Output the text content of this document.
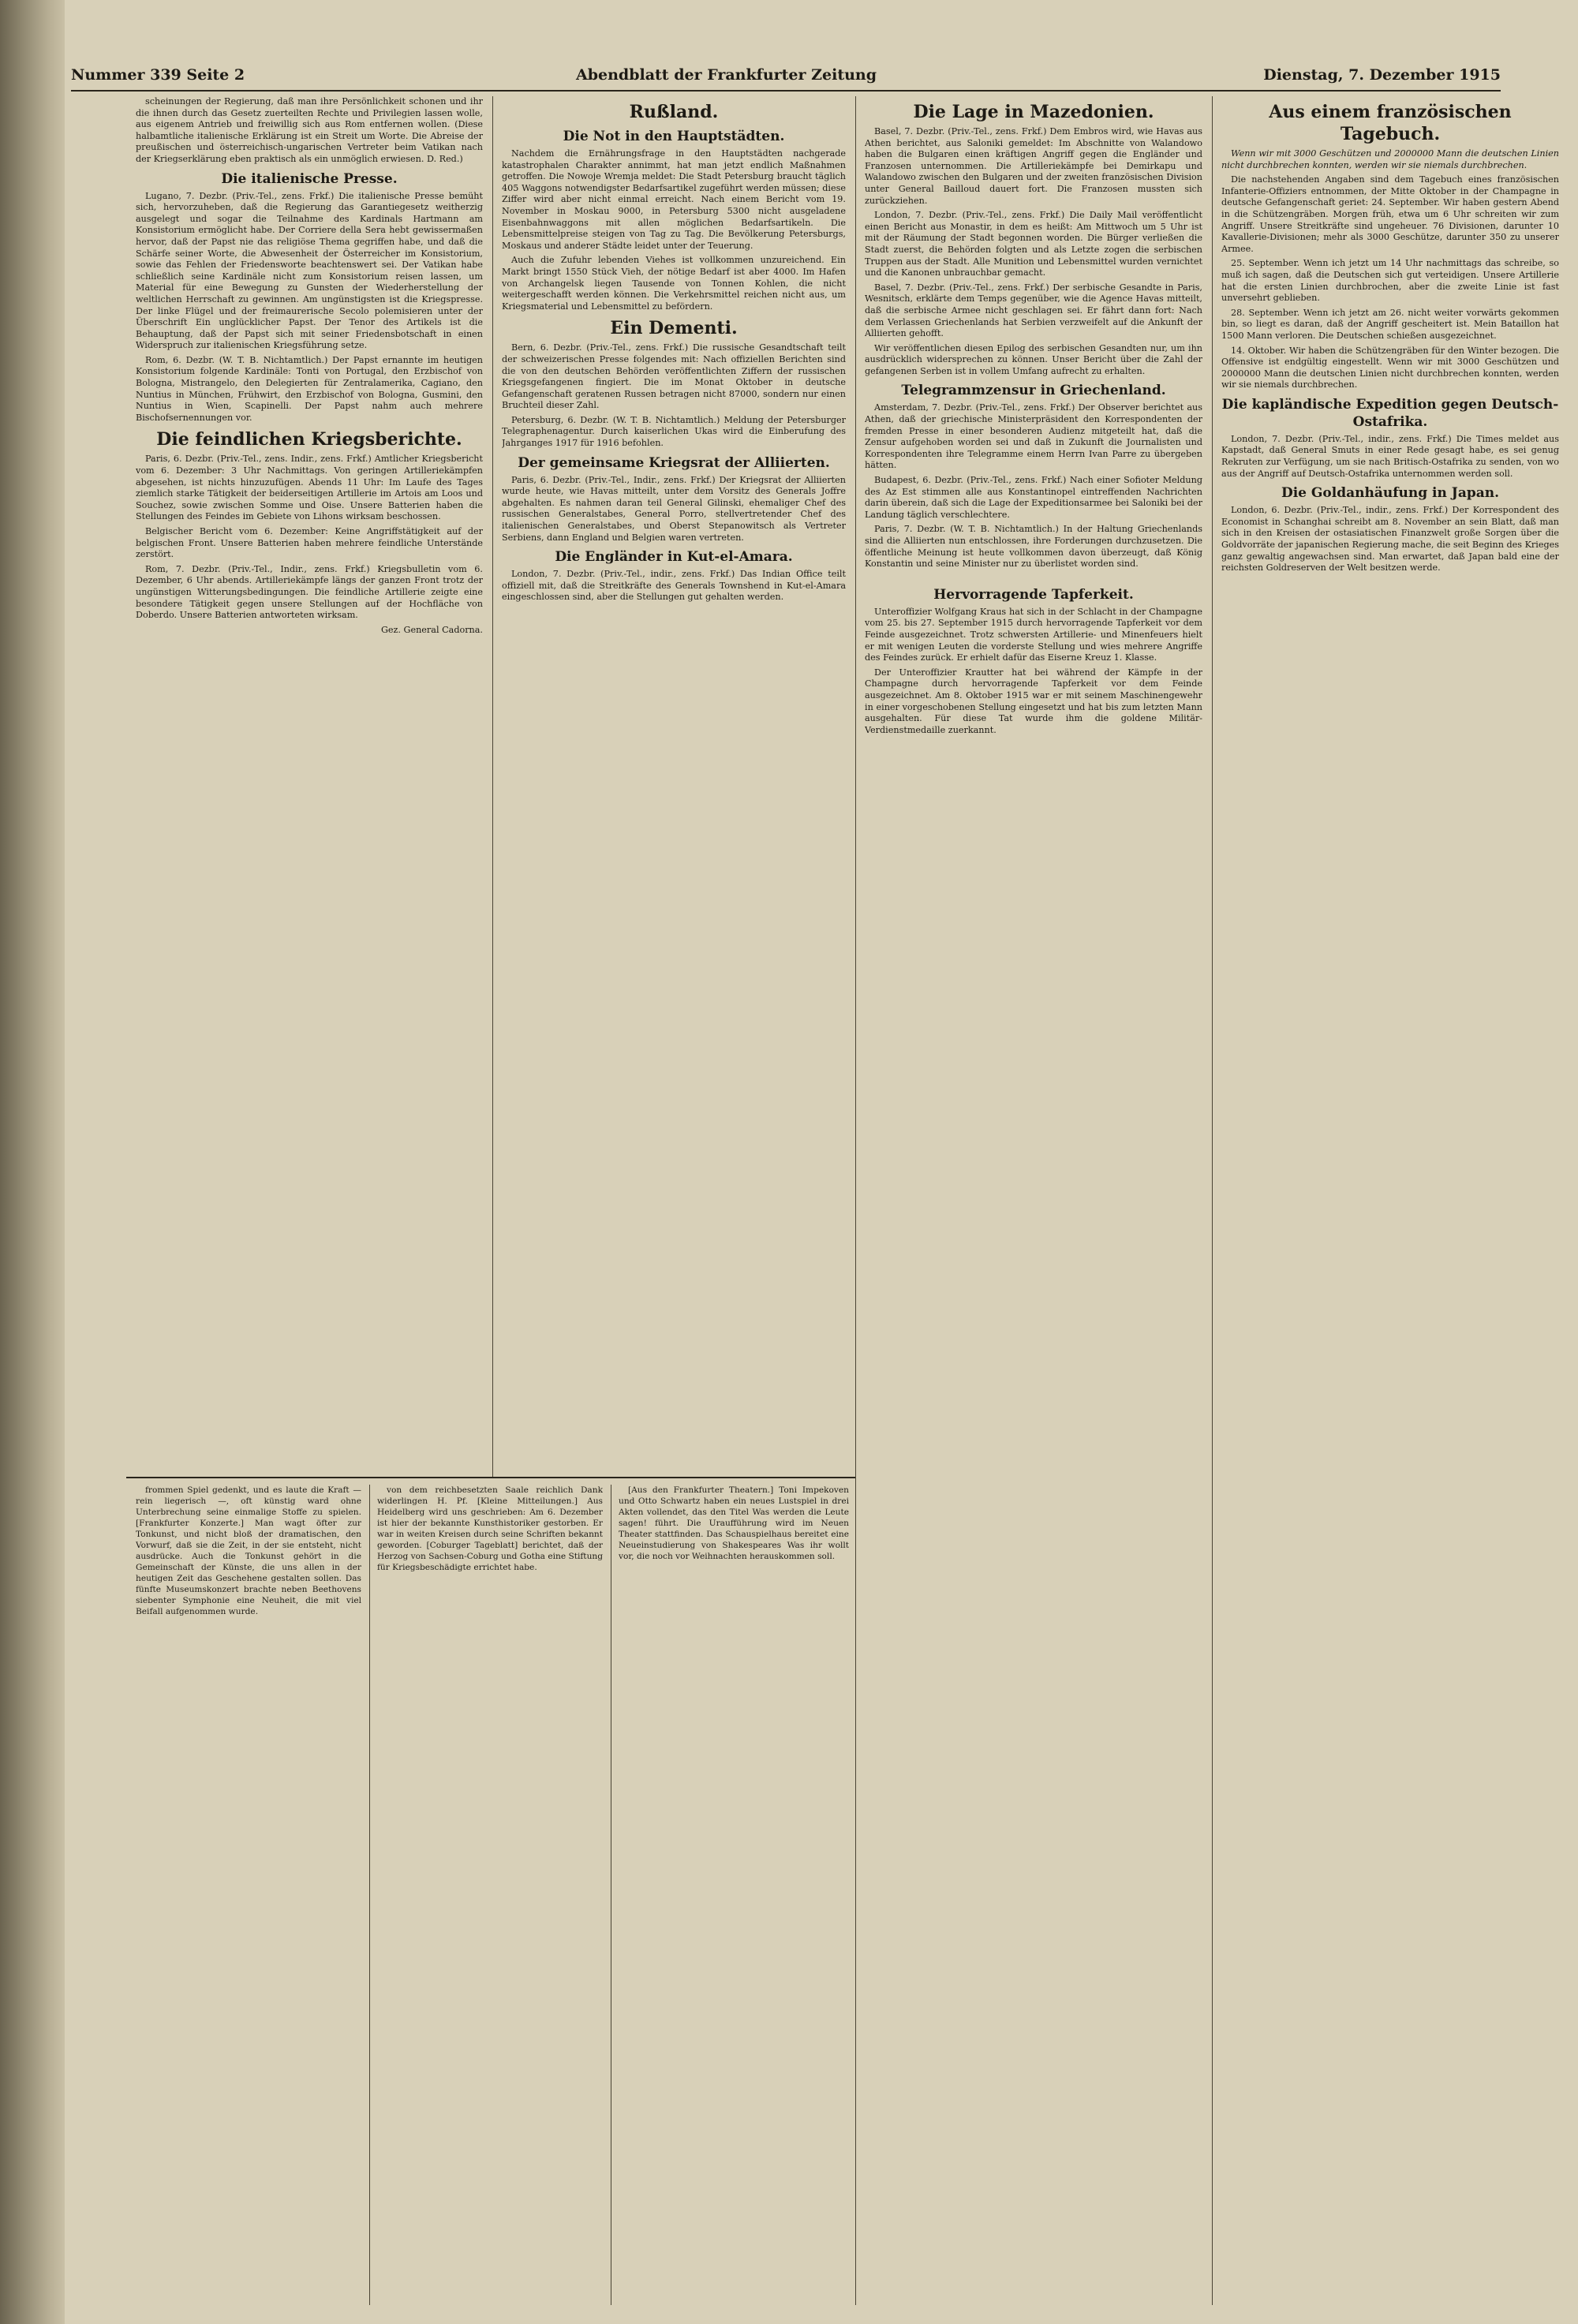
Nummer 339 Seite 2	Abendblatt der Frankfurter Zeitung	Dienstag, 7. Dezember 1915

scheinungen der Regierung, daß man ihre Persönlichkeit schonen und ihr die ihnen durch das Gesetz zuerteilten Rechte und Privilegien lassen wolle, aus eigenem Antrieb und freiwillig sich aus Rom entfernen wollen. (Diese halbamtliche italienische Erklärung ist ein Streit um Worte. Die Abreise der preußischen und österreichisch-ungarischen Vertreter beim Vatikan nach der Kriegserklärung eben praktisch als ein unmöglich erwiesen. D. Red.)

Die italienische Presse.

Lugano, 7. Dezbr. (Priv.-Tel., zens. Frkf.) Die italienische Presse bemüht sich, hervorzuheben, daß die Regierung das Garantiegesetz weitherzig ausgelegt und sogar die Teilnahme des Kardinals Hartmann am Konsistorium ermöglicht habe. Der Corriere della Sera hebt gewissermaßen hervor, daß der Papst nie das religiöse Thema gegriffen habe, und daß die Schärfe seiner Worte, die Abwesenheit der Österreicher im Konsistorium, sowie das Fehlen der Friedensworte beachtenswert sei. Der Vatikan habe schließlich seine Kardinäle nicht zum Konsistorium reisen lassen, um Material für eine Bewegung zu Gunsten der Wiederherstellung der weltlichen Herrschaft zu gewinnen. Am ungünstigsten ist die Kriegspresse. Der linke Flügel und der freimaurerische Secolo polemisieren unter der Überschrift Ein unglücklicher Papst. Der Tenor des Artikels ist die Behauptung, daß der Papst sich mit seiner Friedensbotschaft in einen Widerspruch zur italienischen Kriegsführung setze.

Rom, 6. Dezbr. (W. T. B. Nichtamtlich.) Der Papst ernannte im heutigen Konsistorium folgende Kardinäle: Tonti von Portugal, den Erzbischof von Bologna, Mistrangelo, den Delegierten für Zentralamerika, Cagiano, den Nuntius in München, Frühwirt, den Erzbischof von Bologna, Gusmini, den Nuntius in Wien, Scapinelli. Der Papst nahm auch mehrere Bischofsernennungen vor.

Die feindlichen Kriegsberichte.

Paris, 6. Dezbr. (Priv.-Tel., zens. Indir., zens. Frkf.) Amtlicher Kriegsbericht vom 6. Dezember: 3 Uhr Nachmittags. Von geringen Artilleriekämpfen abgesehen, ist nichts hinzuzufügen. Abends 11 Uhr: Im Laufe des Tages ziemlich starke Tätigkeit der beiderseitigen Artillerie im Artois am Loos und Souchez, sowie zwischen Somme und Oise. Unsere Batterien haben die Stellungen des Feindes im Gebiete von Lihons wirksam beschossen.

Belgischer Bericht vom 6. Dezember: Keine Angriffstätigkeit auf der belgischen Front. Unsere Batterien haben mehrere feindliche Unterstände zerstört.

Rom, 7. Dezbr. (Priv.-Tel., Indir., zens. Frkf.) Kriegsbulletin vom 6. Dezember, 6 Uhr abends. Artilleriekämpfe längs der ganzen Front trotz der ungünstigen Witterungsbedingungen. Die feindliche Artillerie zeigte eine besondere Tätigkeit gegen unsere Stellungen auf der Hochfläche von Doberdo. Unsere Batterien antworteten wirksam.

Gez. General Cadorna.

Rußland.
Die Not in den Hauptstädten.

Nachdem die Ernährungsfrage in den Hauptstädten nachgerade katastrophalen Charakter annimmt, hat man jetzt endlich Maßnahmen getroffen. Die Nowoje Wremja meldet: Die Stadt Petersburg braucht täglich 405 Waggons notwendigster Bedarfsartikel zugeführt werden müssen; diese Ziffer wird aber nicht einmal erreicht. Nach einem Bericht vom 19. November in Moskau 9000, in Petersburg 5300 nicht ausgeladene Eisenbahnwaggons mit allen möglichen Bedarfsartikeln. Die Lebensmittelpreise steigen von Tag zu Tag. Die Bevölkerung Petersburgs, Moskaus und anderer Städte leidet unter der Teuerung.

Auch die Zufuhr lebenden Viehes ist vollkommen unzureichend. Ein Markt bringt 1550 Stück Vieh, der nötige Bedarf ist aber 4000. Im Hafen von Archangelsk liegen Tausende von Tonnen Kohlen, die nicht weitergeschafft werden können. Die Verkehrsmittel reichen nicht aus, um Kriegsmaterial und Lebensmittel zu befördern.

Ein Dementi.

Bern, 6. Dezbr. (Priv.-Tel., zens. Frkf.) Die russische Gesandtschaft teilt der schweizerischen Presse folgendes mit: Nach offiziellen Berichten sind die von den deutschen Behörden veröffentlichten Ziffern der russischen Kriegsgefangenen fingiert. Die im Monat Oktober in deutsche Gefangenschaft geratenen Russen betragen nicht 87000, sondern nur einen Bruchteil dieser Zahl.

Petersburg, 6. Dezbr. (W. T. B. Nichtamtlich.) Meldung der Petersburger Telegraphenagentur. Durch kaiserlichen Ukas wird die Einberufung des Jahrganges 1917 für 1916 befohlen.

Der gemeinsame Kriegsrat der Alliierten.

Paris, 6. Dezbr. (Priv.-Tel., Indir., zens. Frkf.) Der Kriegsrat der Alliierten wurde heute, wie Havas mitteilt, unter dem Vorsitz des Generals Joffre abgehalten. Es nahmen daran teil General Gilinski, ehemaliger Chef des russischen Generalstabes, General Porro, stellvertretender Chef des italienischen Generalstabes, und Oberst Stepanowitsch als Vertreter Serbiens, dann England und Belgien waren vertreten.

Die Engländer in Kut-el-Amara.

London, 7. Dezbr. (Priv.-Tel., indir., zens. Frkf.) Das Indian Office teilt offiziell mit, daß die Streitkräfte des Generals Townshend in Kut-el-Amara eingeschlossen sind, aber die Stellungen gut gehalten werden.

Die Lage in Mazedonien.

Basel, 7. Dezbr. (Priv.-Tel., zens. Frkf.) Dem Embros wird, wie Havas aus Athen berichtet, aus Saloniki gemeldet: Im Abschnitte von Walandowo haben die Bulgaren einen kräftigen Angriff gegen die Engländer und Franzosen unternommen. Die Artilleriekämpfe bei Demirkapu und Walandowo zwischen den Bulgaren und der zweiten französischen Division unter General Bailloud dauert fort. Die Franzosen mussten sich zurückziehen.

London, 7. Dezbr. (Priv.-Tel., zens. Frkf.) Die Daily Mail veröffentlicht einen Bericht aus Monastir, in dem es heißt: Am Mittwoch um 5 Uhr ist mit der Räumung der Stadt begonnen worden. Die Bürger verließen die Stadt zuerst, die Behörden folgten und als Letzte zogen die serbischen Truppen aus der Stadt. Alle Munition und Lebensmittel wurden vernichtet und die Kanonen unbrauchbar gemacht.

Basel, 7. Dezbr. (Priv.-Tel., zens. Frkf.) Der serbische Gesandte in Paris, Wesnitsch, erklärte dem Temps gegenüber, wie die Agence Havas mitteilt, daß die serbische Armee nicht geschlagen sei. Er fährt dann fort: Nach dem Verlassen Griechenlands hat Serbien verzweifelt auf die Ankunft der Alliierten gehofft.

Wir veröffentlichen diesen Epilog des serbischen Gesandten nur, um ihn ausdrücklich widersprechen zu können. Unser Bericht über die Zahl der gefangenen Serben ist in vollem Umfang aufrecht zu erhalten.

Telegrammzensur in Griechenland.

Amsterdam, 7. Dezbr. (Priv.-Tel., zens. Frkf.) Der Observer berichtet aus Athen, daß der griechische Ministerpräsident den Korrespondenten der fremden Presse in einer besonderen Audienz mitgeteilt hat, daß die Zensur aufgehoben worden sei und daß in Zukunft die Journalisten und Korrespondenten ihre Telegramme einem Herrn Ivan Parre zu übergeben hätten.

Budapest, 6. Dezbr. (Priv.-Tel., zens. Frkf.) Nach einer Sofioter Meldung des Az Est stimmen alle aus Konstantinopel eintreffenden Nachrichten darin überein, daß sich die Lage der Expeditionsarmee bei Saloniki bei der Landung täglich verschlechtere.

Paris, 7. Dezbr. (W. T. B. Nichtamtlich.) In der Haltung Griechenlands sind die Alliierten nun entschlossen, ihre Forderungen durchzusetzen. Die öffentliche Meinung ist heute vollkommen davon überzeugt, daß König Konstantin und seine Minister nur zu überlistet worden sind.

Hervorragende Tapferkeit.

Unteroffizier Wolfgang Kraus hat sich in der Schlacht in der Champagne vom 25. bis 27. September 1915 durch hervorragende Tapferkeit vor dem Feinde ausgezeichnet. Trotz schwersten Artillerie- und Minenfeuers hielt er mit wenigen Leuten die vorderste Stellung und wies mehrere Angriffe des Feindes zurück. Er erhielt dafür das Eiserne Kreuz 1. Klasse.

Der Unteroffizier Krautter hat bei während der Kämpfe in der Champagne durch hervorragende Tapferkeit vor dem Feinde ausgezeichnet. Am 8. Oktober 1915 war er mit seinem Maschinengewehr in einer vorgeschobenen Stellung eingesetzt und hat bis zum letzten Mann ausgehalten. Für diese Tat wurde ihm die goldene Militär-Verdienstmedaille zuerkannt.

Aus einem französischen Tagebuch.

Wenn wir mit 3000 Geschützen und 2000000 Mann die deutschen Linien nicht durchbrechen konnten, werden wir sie niemals durchbrechen.

Die nachstehenden Angaben sind dem Tagebuch eines französischen Infanterie-Offiziers entnommen, der Mitte Oktober in der Champagne in deutsche Gefangenschaft geriet: 24. September. Wir haben gestern Abend in die Schützengräben. Morgen früh, etwa um 6 Uhr schreiten wir zum Angriff. Unsere Streitkräfte sind ungeheuer. 76 Divisionen, darunter 10 Kavallerie-Divisionen; mehr als 3000 Geschütze, darunter 350 zu unserer Armee.

25. September. Wenn ich jetzt um 14 Uhr nachmittags das schreibe, so muß ich sagen, daß die Deutschen sich gut verteidigen. Unsere Artillerie hat die ersten Linien durchbrochen, aber die zweite Linie ist fast unversehrt geblieben.

28. September. Wenn ich jetzt am 26. nicht weiter vorwärts gekommen bin, so liegt es daran, daß der Angriff gescheitert ist. Mein Bataillon hat 1500 Mann verloren. Die Deutschen schießen ausgezeichnet.

14. Oktober. Wir haben die Schützengräben für den Winter bezogen. Die Offensive ist endgültig eingestellt. Wenn wir mit 3000 Geschützen und 2000000 Mann die deutschen Linien nicht durchbrechen konnten, werden wir sie niemals durchbrechen.

Die kapländische Expedition gegen Deutsch-Ostafrika.

London, 7. Dezbr. (Priv.-Tel., indir., zens. Frkf.) Die Times meldet aus Kapstadt, daß General Smuts in einer Rede gesagt habe, es sei genug Rekruten zur Verfügung, um sie nach Britisch-Ostafrika zu senden, von wo aus der Angriff auf Deutsch-Ostafrika unternommen werden soll.

Die Goldanhäufung in Japan.

London, 6. Dezbr. (Priv.-Tel., indir., zens. Frkf.) Der Korrespondent des Economist in Schanghai schreibt am 8. November an sein Blatt, daß man sich in den Kreisen der ostasiatischen Finanzwelt große Sorgen über die Goldvorräte der japanischen Regierung mache, die seit Beginn des Krieges ganz gewaltig angewachsen sind. Man erwartet, daß Japan bald eine der reichsten Goldreserven der Welt besitzen werde.

frommen Spiel gedenkt, und es laute die Kraft — rein liegerisch —, oft künstig ward ohne Unterbrechung seine einmalige Stoffe zu spielen. [Frankfurter Konzerte.] Man wagt öfter zur Tonkunst, und nicht bloß der dramatischen, den Vorwurf, daß sie die Zeit, in der sie entsteht, nicht ausdrücke. Auch die Tonkunst gehört in die Gemeinschaft der Künste, die uns allen in der heutigen Zeit das Geschehene gestalten sollen. Das fünfte Museumskonzert brachte neben Beethovens siebenter Symphonie eine Neuheit, die mit viel Beifall aufgenommen wurde.

von dem reichbesetzten Saale reichlich Dank widerlingen H. Pf. [Kleine Mitteilungen.] Aus Heidelberg wird uns geschrieben: Am 6. Dezember ist hier der bekannte Kunsthistoriker gestorben. Er war in weiten Kreisen durch seine Schriften bekannt geworden. [Coburger Tageblatt] berichtet, daß der Herzog von Sachsen-Coburg und Gotha eine Stiftung für Kriegsbeschädigte errichtet habe.

[Aus den Frankfurter Theatern.] Toni Impekoven und Otto Schwartz haben ein neues Lustspiel in drei Akten vollendet, das den Titel Was werden die Leute sagen! führt. Die Uraufführung wird im Neuen Theater stattfinden. Das Schauspielhaus bereitet eine Neueinstudierung von Shakespeares Was ihr wollt vor, die noch vor Weihnachten herauskommen soll.
